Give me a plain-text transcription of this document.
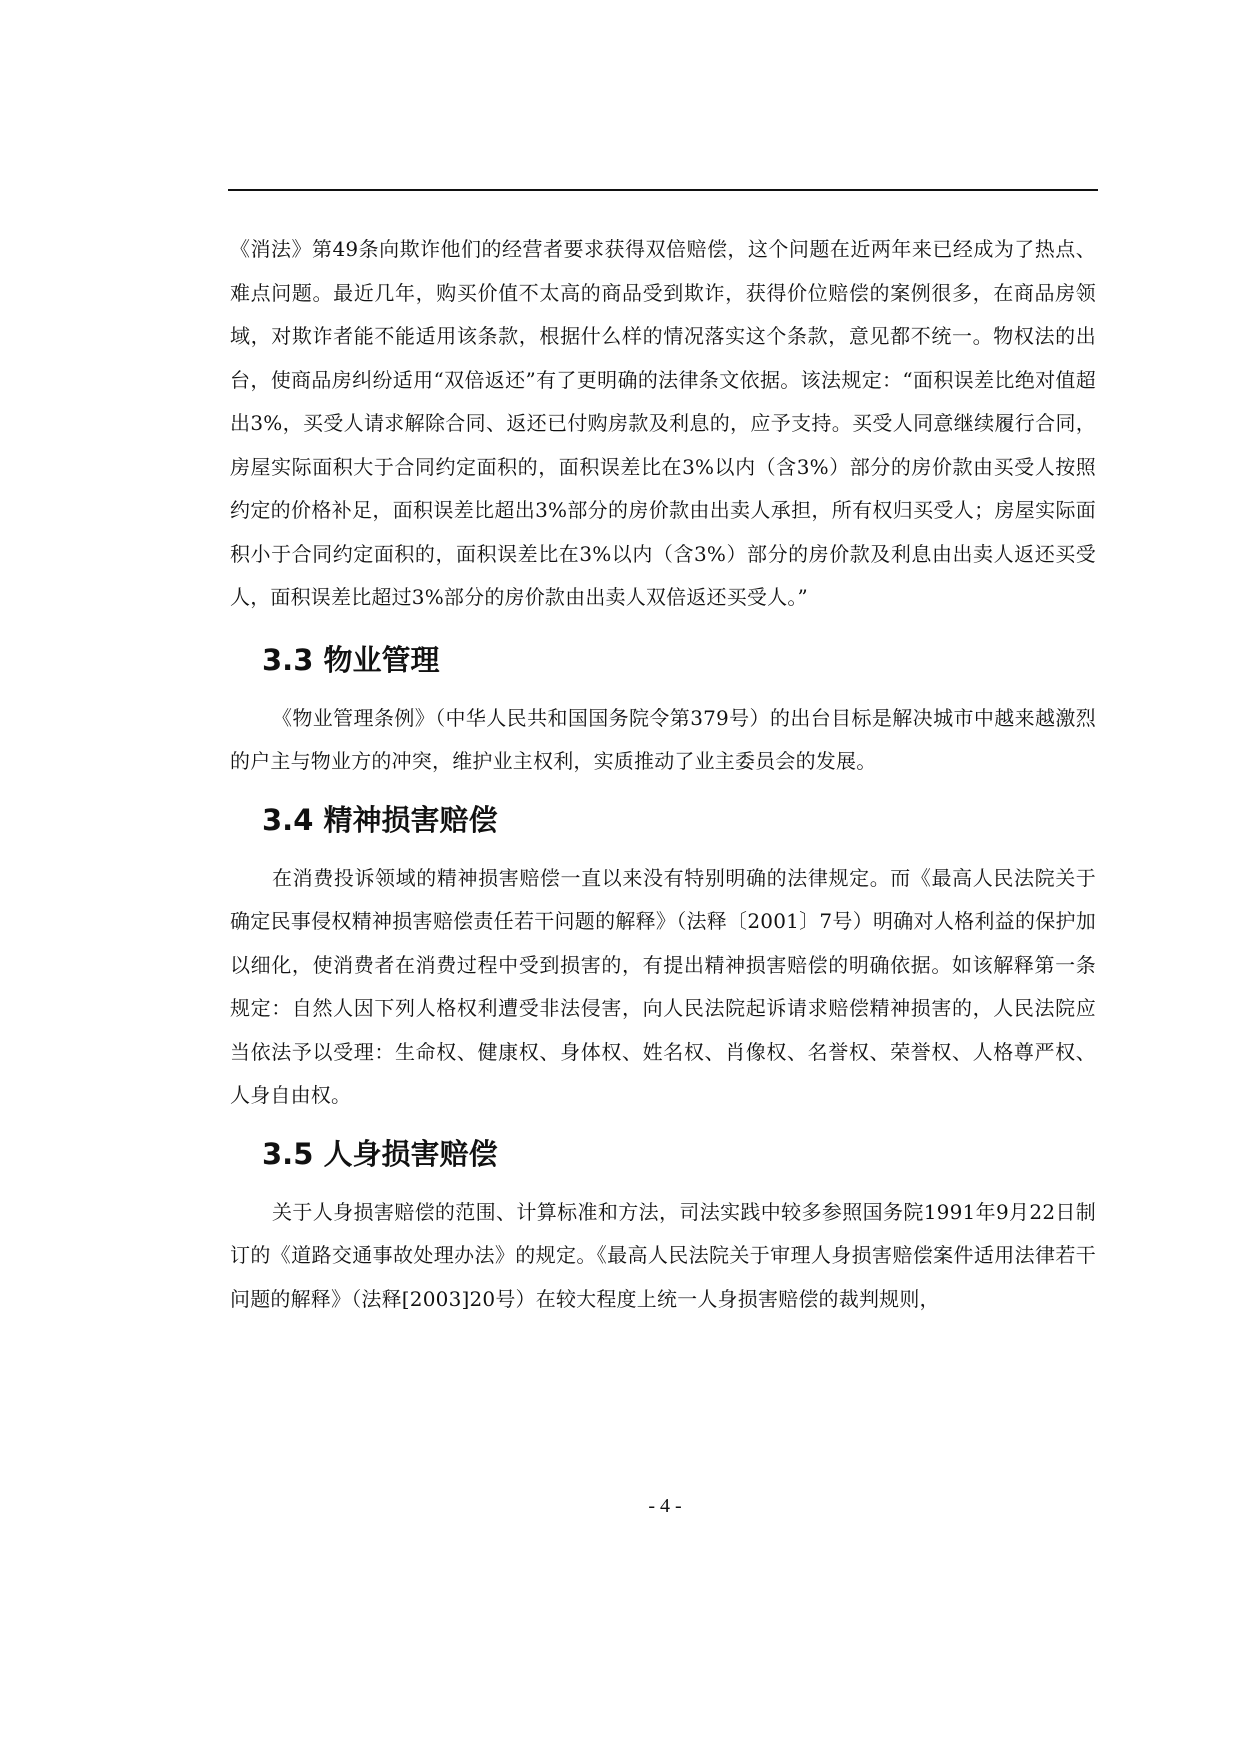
《消法》第49条向欺诈他们的经营者要求获得双倍赔偿，这个问题在近两年来已经成为了热点、难点问题。最近几年，购买价值不太高的商品受到欺诈，获得价位赔偿的案例很多，在商品房领域，对欺诈者能不能适用该条款，根据什么样的情况落实这个条款，意见都不统一。物权法的出台，使商品房纠纷适用“双倍返还”有了更明确的法律条文依据。该法规定：“面积误差比绝对值超出3%，买受人请求解除合同、返还已付购房款及利息的，应予支持。买受人同意继续履行合同，房屋实际面积大于合同约定面积的，面积误差比在3%以内（含3%）部分的房价款由买受人按照约定的价格补足，面积误差比超出3%部分的房价款由出卖人承担，所有权归买受人；房屋实际面积小于合同约定面积的，面积误差比在3%以内（含3%）部分的房价款及利息由出卖人返还买受人，面积误差比超过3%部分的房价款由出卖人双倍返还买受人。”

3.3 物业管理

《物业管理条例》（中华人民共和国国务院令第379号）的出台目标是解决城市中越来越激烈的户主与物业方的冲突，维护业主权利，实质推动了业主委员会的发展。

3.4 精神损害赔偿

在消费投诉领域的精神损害赔偿一直以来没有特别明确的法律规定。而《最高人民法院关于确定民事侵权精神损害赔偿责任若干问题的解释》（法释〔2001〕7号）明确对人格利益的保护加以细化，使消费者在消费过程中受到损害的，有提出精神损害赔偿的明确依据。如该解释第一条规定：自然人因下列人格权利遭受非法侵害，向人民法院起诉请求赔偿精神损害的，人民法院应当依法予以受理：生命权、健康权、身体权、姓名权、肖像权、名誉权、荣誉权、人格尊严权、人身自由权。

3.5 人身损害赔偿

关于人身损害赔偿的范围、计算标准和方法，司法实践中较多参照国务院1991年9月22日制订的《道路交通事故处理办法》的规定。《最高人民法院关于审理人身损害赔偿案件适用法律若干问题的解释》（法释[2003]20号）在较大程度上统一人身损害赔偿的裁判规则，

- 4 -
